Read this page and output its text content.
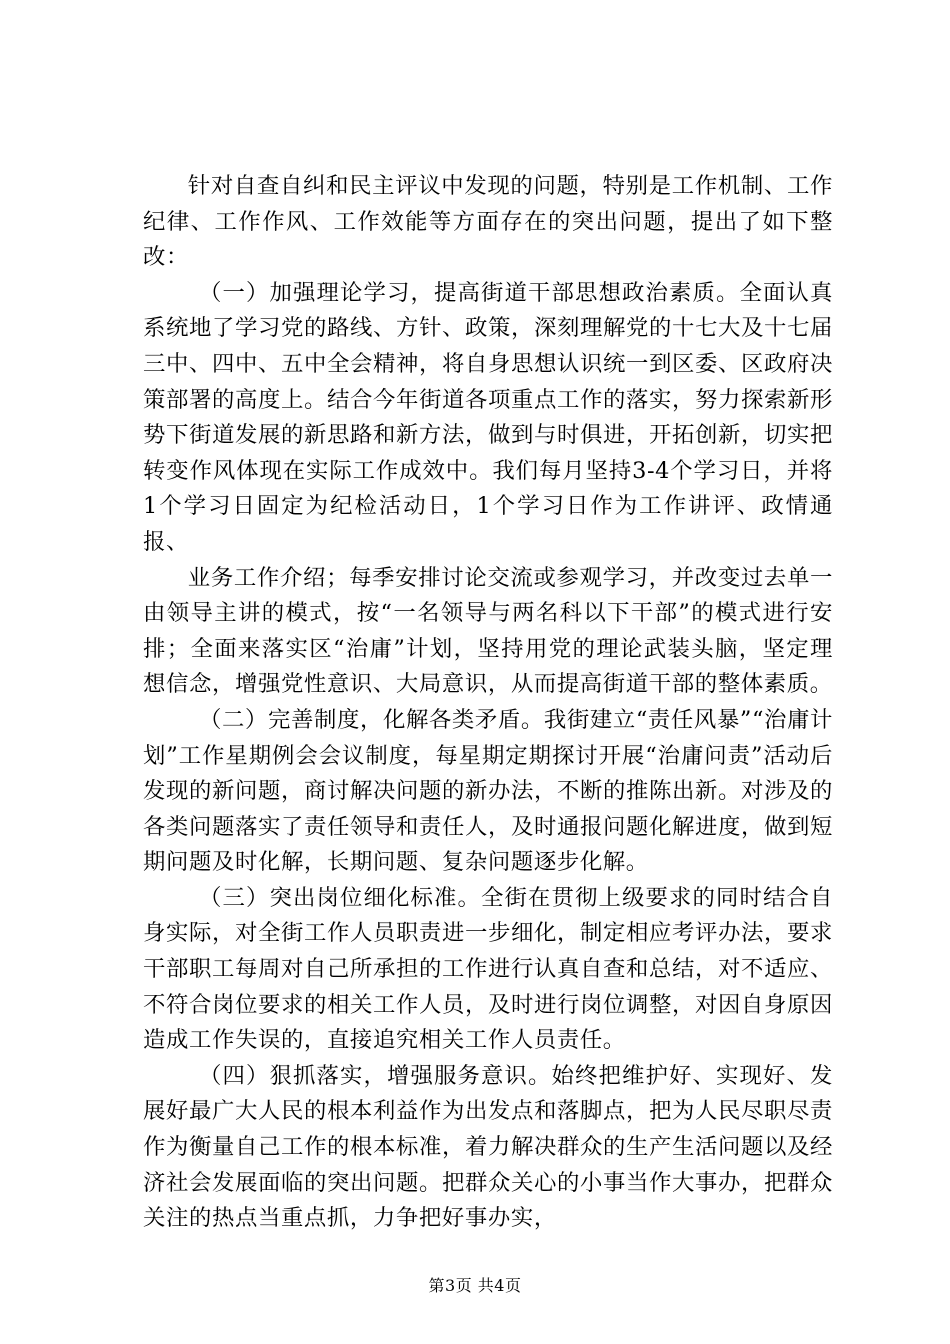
针对自查自纠和民主评议中发现的问题，特别是工作机制、工作纪律、工作作风、工作效能等方面存在的突出问题，提出了如下整改：

（一）加强理论学习，提高街道干部思想政治素质。全面认真系统地了学习党的路线、方针、政策，深刻理解党的十七大及十七届三中、四中、五中全会精神，将自身思想认识统一到区委、区政府决策部署的高度上。结合今年街道各项重点工作的落实，努力探索新形势下街道发展的新思路和新方法，做到与时俱进，开拓创新，切实把转变作风体现在实际工作成效中。我们每月坚持3-4个学习日，并将1个学习日固定为纪检活动日，1个学习日作为工作讲评、政情通报、

业务工作介绍；每季安排讨论交流或参观学习，并改变过去单一由领导主讲的模式，按“一名领导与两名科以下干部”的模式进行安排；全面来落实区“治庸”计划，坚持用党的理论武装头脑，坚定理想信念，增强党性意识、大局意识，从而提高街道干部的整体素质。

（二）完善制度，化解各类矛盾。我街建立“责任风暴”“治庸计划”工作星期例会会议制度，每星期定期探讨开展“治庸问责”活动后发现的新问题，商讨解决问题的新办法，不断的推陈出新。对涉及的各类问题落实了责任领导和责任人，及时通报问题化解进度，做到短期问题及时化解，长期问题、复杂问题逐步化解。

（三）突出岗位细化标准。全街在贯彻上级要求的同时结合自身实际，对全街工作人员职责进一步细化，制定相应考评办法，要求干部职工每周对自己所承担的工作进行认真自查和总结，对不适应、不符合岗位要求的相关工作人员，及时进行岗位调整，对因自身原因造成工作失误的，直接追究相关工作人员责任。

（四）狠抓落实，增强服务意识。始终把维护好、实现好、发展好最广大人民的根本利益作为出发点和落脚点，把为人民尽职尽责作为衡量自己工作的根本标准，着力解决群众的生产生活问题以及经济社会发展面临的突出问题。把群众关心的小事当作大事办，把群众关注的热点当重点抓，力争把好事办实，

第3页 共4页
